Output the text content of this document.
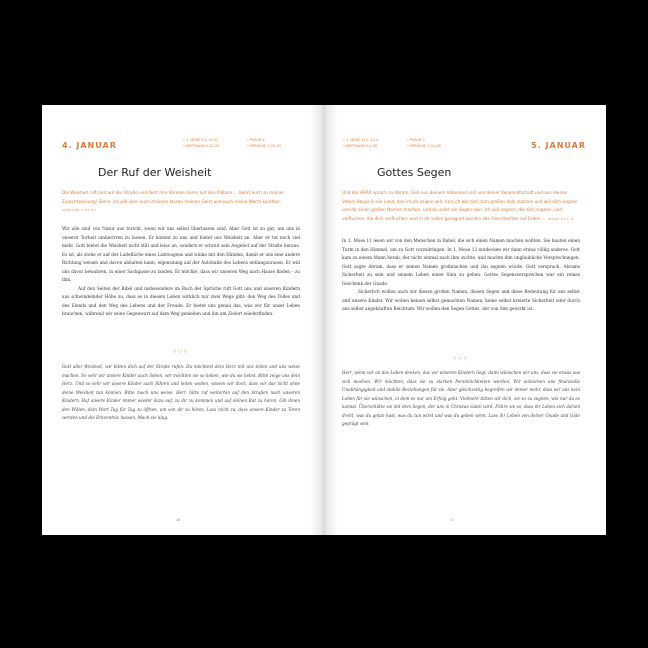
4. JANUAR
○ 1. MOSE 9,1–10,32	○ PSALM 4
○ MATTHÄUS 4,12–25	○ SPRÜCHE 1,20–33
Der Ruf der Weisheit
Die Weisheit ruft laut auf der Straße und lässt ihre Stimme hören auf den Plätzen … Kehrt euch zu meiner Zurechtweisung! Siehe, ich will über euch strömen lassen meinen Geist und euch meine Worte kundtun. SPRÜCHE 1,20.23

Wir alle sind von Natur aus töricht, wenn wir uns selbst überlassen sind. Aber Gott ist zu gut, um uns in unserer Torheit umherirren zu lassen. Er kommt zu uns und bietet uns Weisheit an. Aber er tut noch viel mehr. Gott bietet die Weisheit nicht still und leise an, sondern er schreit sein Angebot auf der Straße heraus. Es ist, als stehe er auf der Ladefläche eines Lastwagens und winke mit den Händen, damit er uns eine andere Richtung weisen und davon abhalten kann, eigensinnig auf der Autobahn des Lebens entlangzurasen. Er will uns davor bewahren, in einer Sackgasse zu landen. Er möchte, dass wir unseren Weg nach Hause finden – zu ihm.

Auf den Seiten der Bibel und insbesondere im Buch der Sprüche ruft Gott uns und unseren Kindern aus schwindelnder Höhe zu, dass es in diesem Leben wirklich nur zwei Wege gibt: den Weg des Todes und des Elends und den Weg des Lebens und der Freude. Er bietet uns genau das, was wir für unser Leben brauchen, während wir seine Gegenwart auf dem Weg genießen und ihn am Zielort wiederfinden.

○○○
Gott aller Weisheit, wir bitten dich auf der Straße rufen. Du möchtest dein Herz mit uns teilen und uns weise machen. So sehr wir unsere Kinder auch lieben, wir möchten sie so lieben, wie du sie liebst. Bitte zeige uns dein Herz. Und so sehr wir unsere Kinder auch führen und leiten wollen, wissen wir doch, dass wir das nicht ohne deine Weisheit tun können. Bitte mach uns weise. Herr, bitte ruf weiterhin auf den Straßen nach unseren Kindern. Ruf unsere Kinder immer wieder dazu auf, zu dir zu kommen und auf deinen Rat zu hören. Gib ihnen den Willen, dein Wort Tag für Tag zu öffnen, um von dir zu hören. Lass nicht zu, dass unsere Kinder zu Toren werden und die Erkenntnis hassen. Mach sie klug.
16
5. JANUAR
○ 1. MOSE 11,1–13,4	○ PSALM 5
○ MATTHÄUS 5,1–26	○ SPRÜCHE 1,24–28
Gottes Segen
Und der HERR sprach zu Abram: Geh aus deinem Vaterland und von deiner Verwandtschaft und aus deines Vaters Hause in ein Land, das ich dir zeigen will. Und ich will dich zum großen Volk machen und will dich segnen und dir einen großen Namen machen, und du sollst ein Segen sein. Ich will segnen, die dich segnen, und verfluchen, die dich verfluchen; und in dir sollen gesegnet werden alle Geschlechter auf Erden. 1. MOSE 12,1–3

In 1. Mose 11 lesen wir von den Menschen in Babel, die sich einen Namen machen wollten. Sie bauten einen Turm in den Himmel, um zu Gott vorzudringen. In 1. Mose 12 entdecken wir dann etwas völlig anderes. Gott kam zu einem Mann herab, der nicht einmal nach ihm suchte, und machte ihm unglaubliche Versprechungen. Gott sagte Abram, dass er seinen Namen großmachen und ihn segnen würde. Gott versprach, Abrams Sicherheit zu sein und seinem Leben einen Sinn zu geben. Gottes Segensversprechen war ein reines Geschenk der Gnade.

Sicherlich wollen auch wir diesen großen Namen, diesen Segen und diese Bedeutung für uns selbst und unsere Kinder. Wir wollen keinen selbst gemachten Namen, keine selbst kreierte Sicherheit oder durch uns selbst angehäuften Reichtum. Wir wollen den Segen Gottes, der von ihm gewirkt ist.

○○○
Herr, wenn wir an das Leben denken, das vor unseren Kindern liegt, dann wünschen wir uns, dass sie etwas aus sich machen. Wir möchten, dass sie zu starken Persönlichkeiten werden. Wir wünschen uns finanzielle Unabhängigkeit und stabile Beziehungen für sie. Aber gleichzeitig begreifen wir immer mehr, dass wir uns kein Leben für sie wünschen, in dem es nur um Erfolg geht. Vielmehr bitten wir dich, sie so zu segnen, wie nur du es kannst. Überschütte sie mit dem Segen, der uns in Christus zuteil wird. Führe sie so, dass ihr Leben sich darum dreht, was du getan hast, was du tun wirst und was du geben wirst. Lass ihr Leben von deiner Gnade und Güte geprägt sein.
17
